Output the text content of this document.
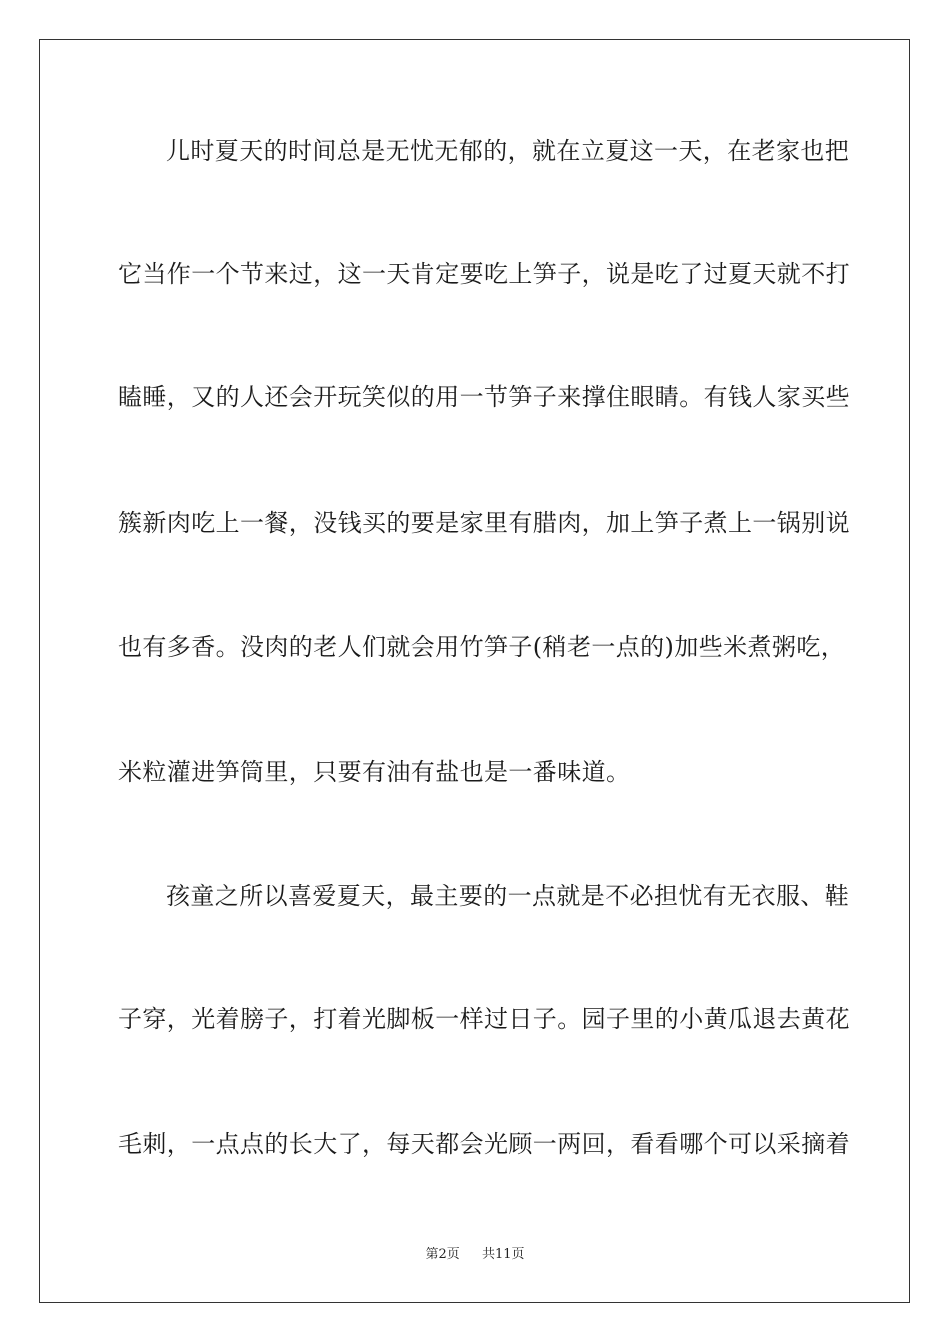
儿时夏天的时间总是无忧无郁的，就在立夏这一天，在老家也把
它当作一个节来过，这一天肯定要吃上笋子，说是吃了过夏天就不打
瞌睡，又的人还会开玩笑似的用一节笋子来撑住眼睛。有钱人家买些
簇新肉吃上一餐，没钱买的要是家里有腊肉，加上笋子煮上一锅别说
也有多香。没肉的老人们就会用竹笋子(稍老一点的)加些米煮粥吃，
米粒灌进笋筒里，只要有油有盐也是一番味道。
孩童之所以喜爱夏天，最主要的一点就是不必担忧有无衣服、鞋
子穿，光着膀子，打着光脚板一样过日子。园子里的小黄瓜退去黄花
毛刺，一点点的长大了，每天都会光顾一两回，看看哪个可以采摘着
第2页 共11页
